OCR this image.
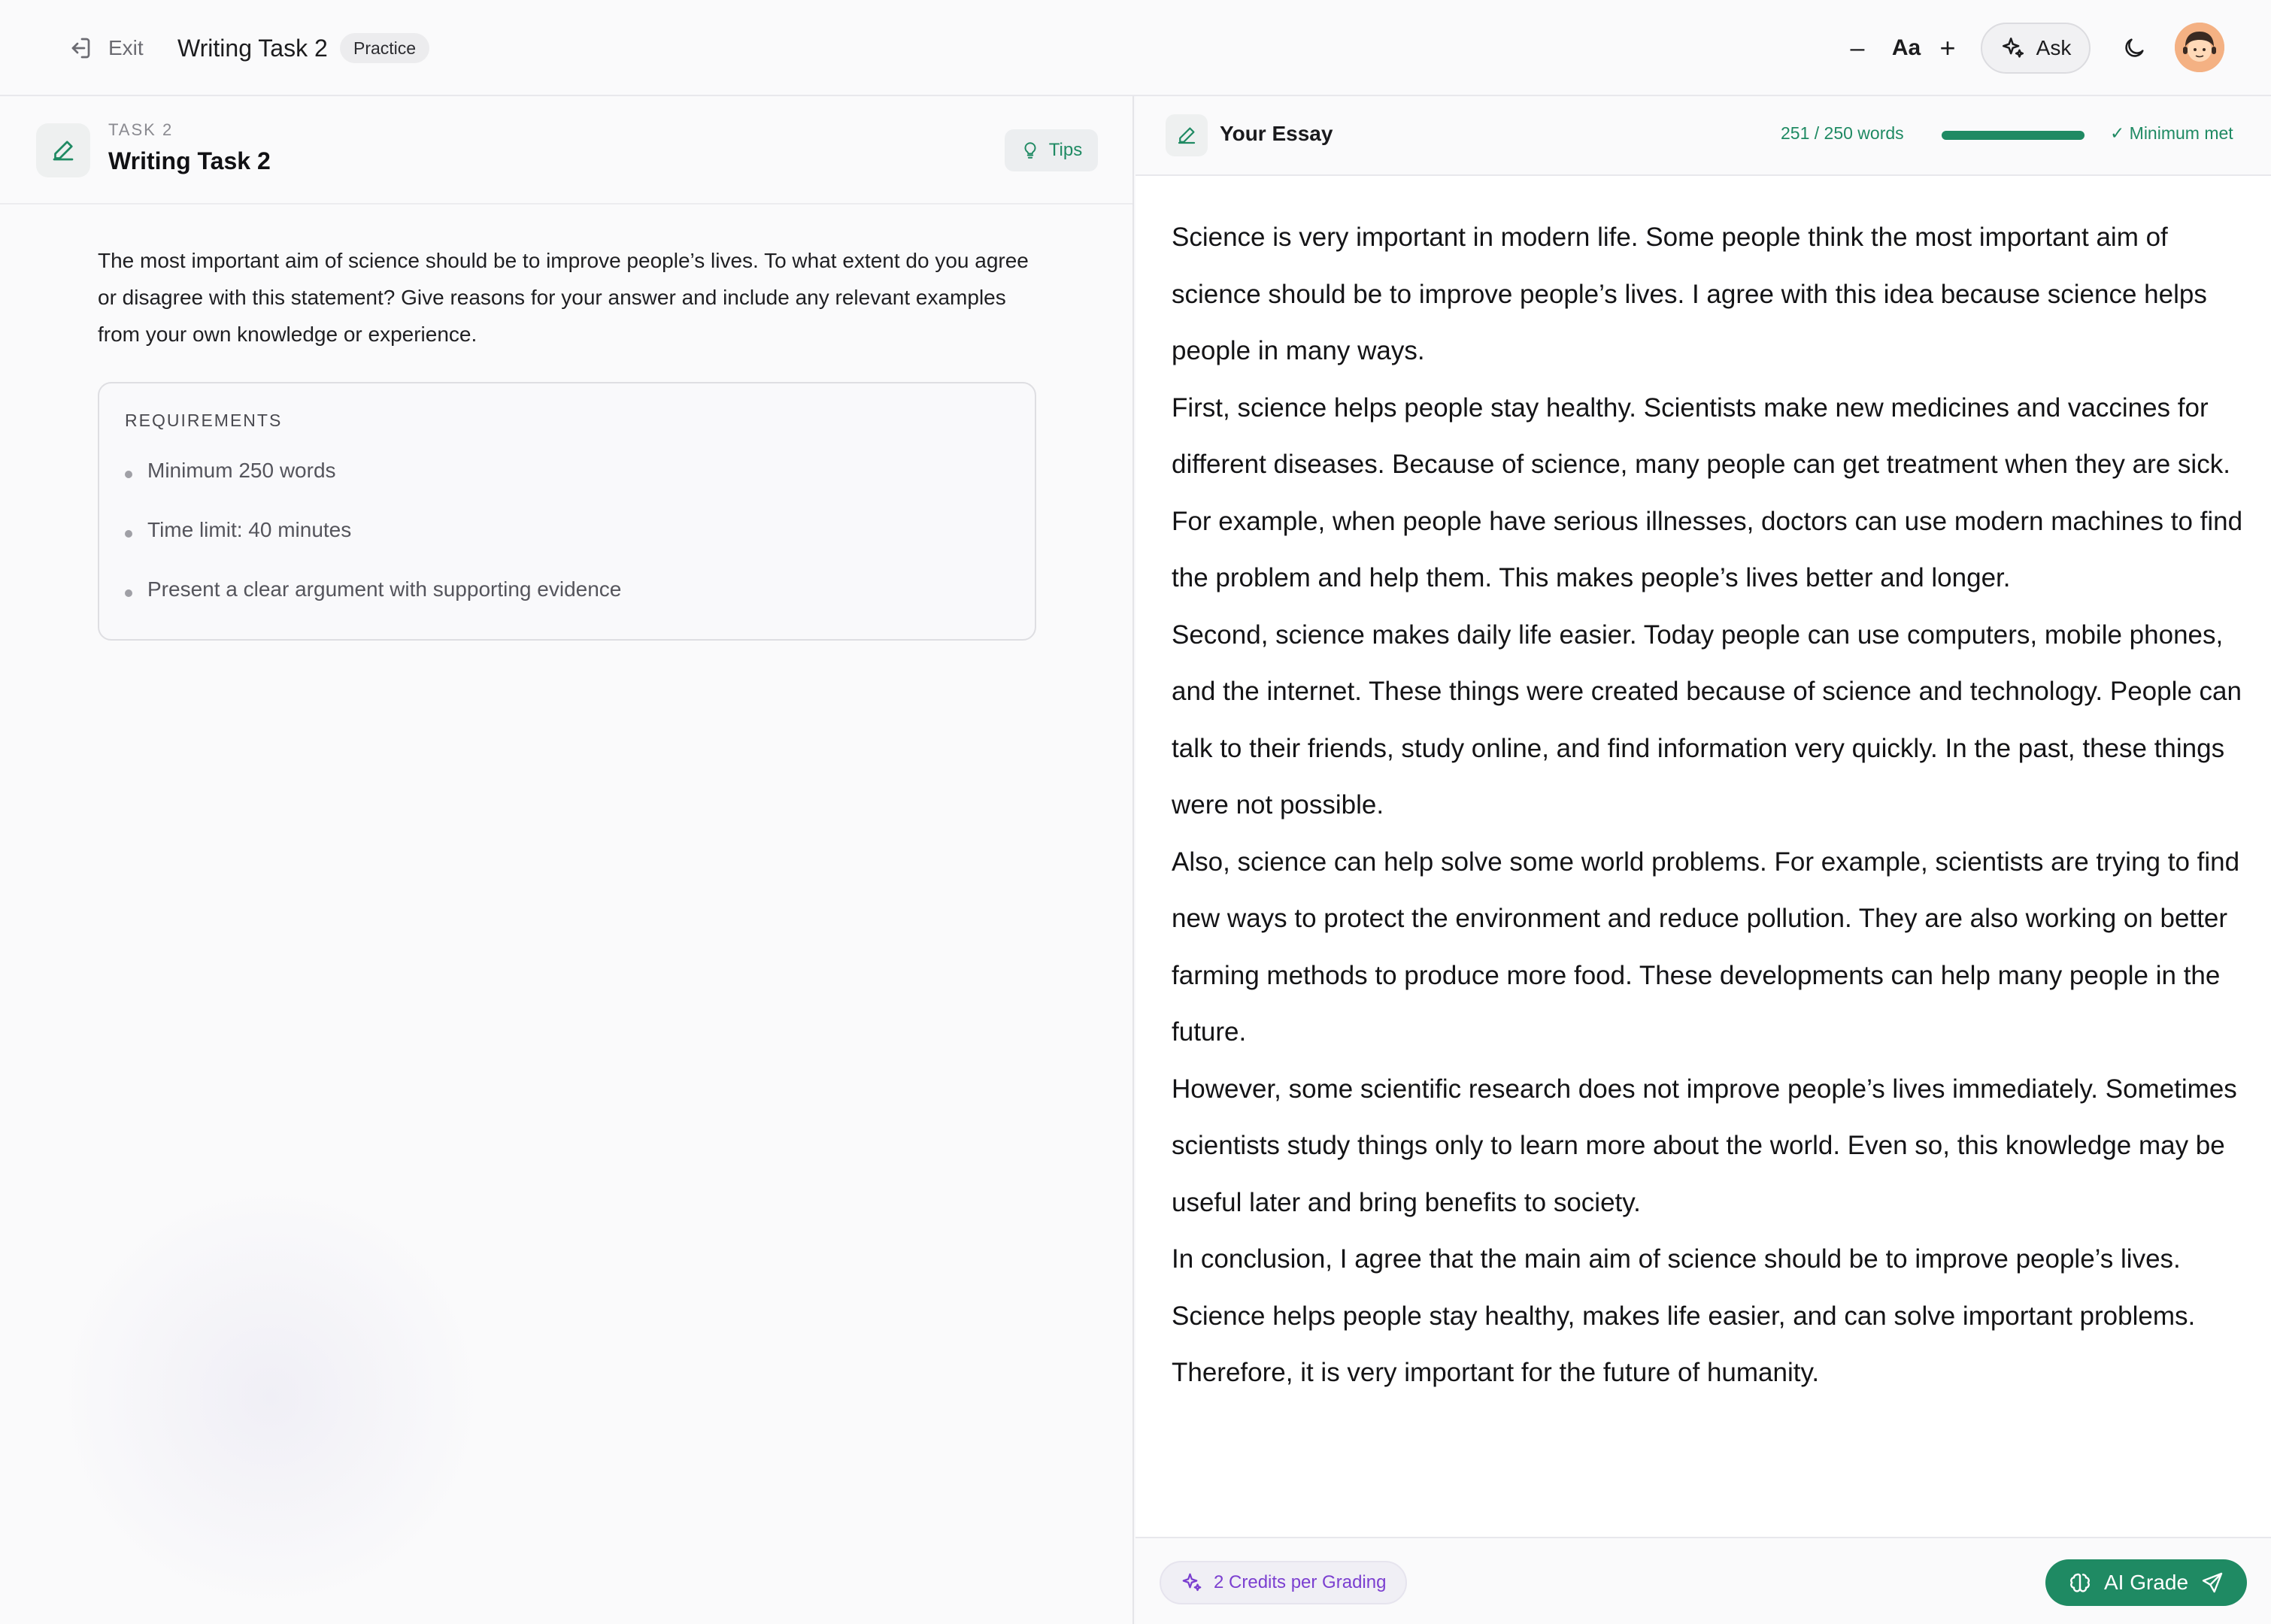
Exit Writing Task 2	Practice	–	Aa +	Ask
TASK 2
Writing Task 2	Tips

The most important aim of science should be to improve people’s lives. To what extent do you agree or disagree with this statement? Give reasons for your answer and include any relevant examples from your own knowledge or experience.

REQUIREMENTS
Minimum 250 words
Time limit: 40 minutes
Present a clear argument with supporting evidence
Your Essay	251 / 250 words	✓ Minimum met

Science is very important in modern life. Some people think the most important aim of science should be to improve people’s lives. I agree with this idea because science helps people in many ways.

First, science helps people stay healthy. Scientists make new medicines and vaccines for different diseases. Because of science, many people can get treatment when they are sick. For example, when people have serious illnesses, doctors can use modern machines to find the problem and help them. This makes people’s lives better and longer.

Second, science makes daily life easier. Today people can use computers, mobile phones, and the internet. These things were created because of science and technology. People can talk to their friends, study online, and find information very quickly. In the past, these things were not possible.

Also, science can help solve some world problems. For example, scientists are trying to find new ways to protect the environment and reduce pollution. They are also working on better farming methods to produce more food. These developments can help many people in the future.

However, some scientific research does not improve people’s lives immediately. Sometimes scientists study things only to learn more about the world. Even so, this knowledge may be useful later and bring benefits to society.

In conclusion, I agree that the main aim of science should be to improve people’s lives. Science helps people stay healthy, makes life easier, and can solve important problems. Therefore, it is very important for the future of humanity.

2 Credits per Grading	AI Grade
